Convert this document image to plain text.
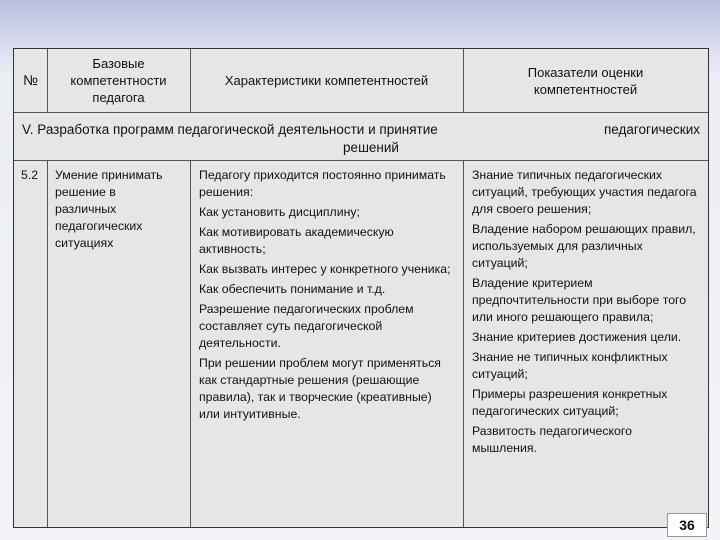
№
Базовые компетентности педагога
Характеристики компетентностей
Показатели оценки компетентностей
V. Разработка программ педагогической деятельности и принятие	педагогических
решений
5.2	Умение принимать решение в различных педагогических ситуациях

Педагогу приходится постоянно принимать решения:

Как установить дисциплину;

Как мотивировать академическую активность;

Как вызвать интерес у конкретного ученика;

Как обеспечить понимание и т.д.

Разрешение педагогических проблем составляет суть педагогической деятельности.

При решении проблем могут применяться как стандартные решения (решающие правила), так и творческие (креативные) или интуитивные.

Знание типичных педагогических ситуаций, требующих участия педагога для своего решения;

Владение набором решающих правил, используемых для различных ситуаций;

Владение критерием предпочтительности при выборе того или иного решающего правила;

Знание критериев достижения цели.

Знание не типичных конфликтных ситуаций;

Примеры разрешения конкретных педагогических ситуаций;

Развитость педагогического мышления.

36
